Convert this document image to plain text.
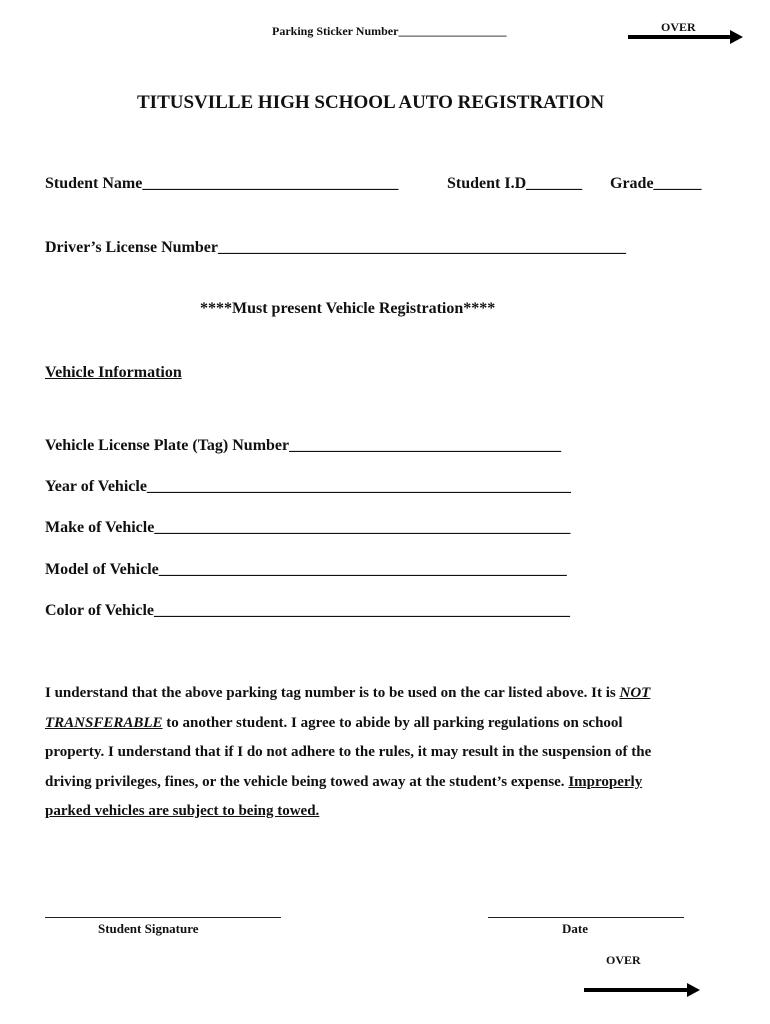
Parking Sticker Number__________________	OVER
TITUSVILLE HIGH SCHOOL AUTO REGISTRATION
Student Name________________________________	Student I.D_______ Grade______
Driver’s License Number___________________________________________________
****Must present Vehicle Registration****
Vehicle Information
Vehicle License Plate (Tag) Number__________________________________
Year of Vehicle_____________________________________________________
Make of Vehicle____________________________________________________
Model of Vehicle___________________________________________________
Color of Vehicle____________________________________________________
I understand that the above parking tag number is to be used on the car listed above. It is NOT
TRANSFERABLE to another student. I agree to abide by all parking regulations on school
property. I understand that if I do not adhere to the rules, it may result in the suspension of the
driving privileges, fines, or the vehicle being towed away at the student’s expense. Improperly
parked vehicles are subject to being towed.
Student Signature	Date
OVER
